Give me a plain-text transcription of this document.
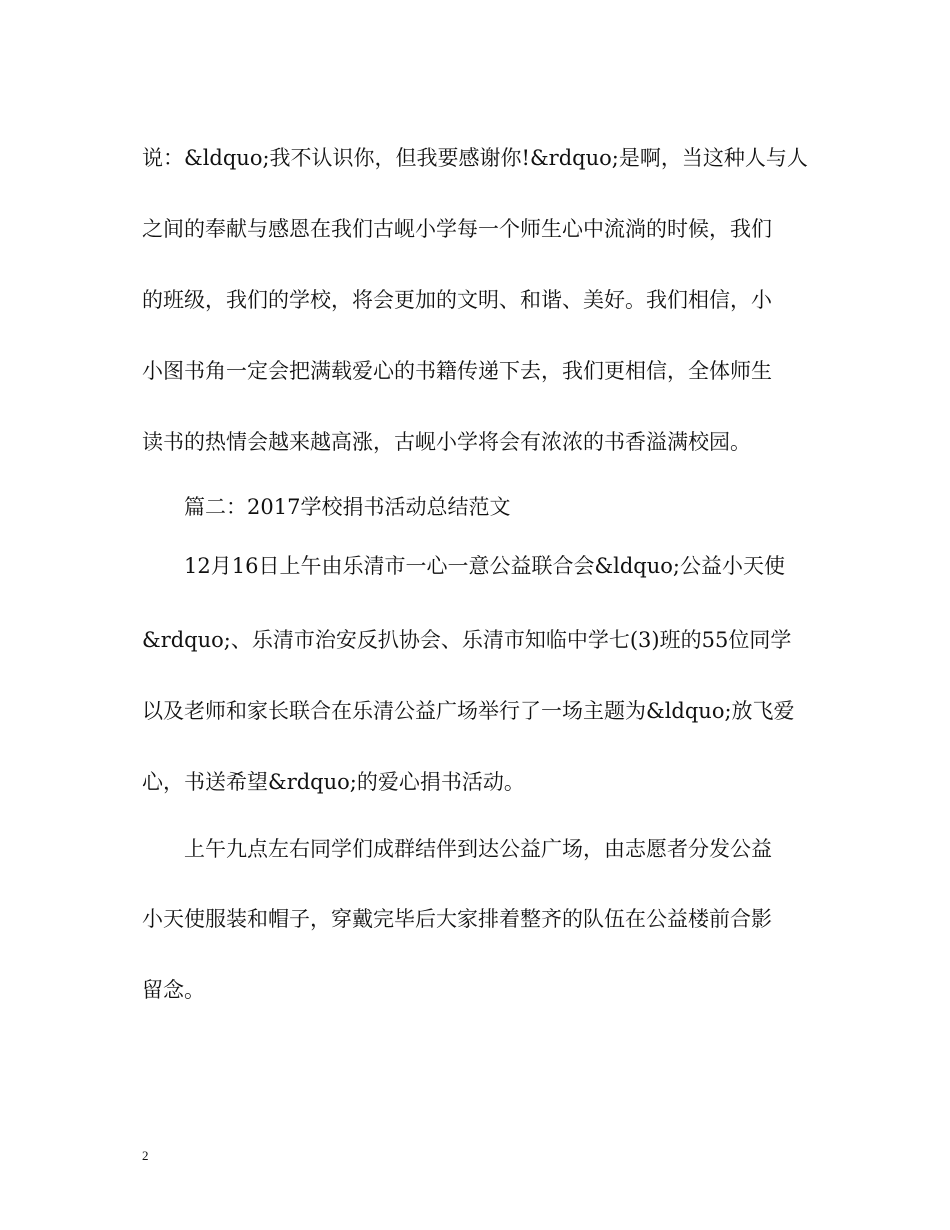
说：&ldquo;我不认识你，但我要感谢你!&rdquo;是啊，当这种人与人

之间的奉献与感恩在我们古岘小学每一个师生心中流淌的时候，我们

的班级，我们的学校，将会更加的文明、和谐、美好。我们相信，小

小图书角一定会把满载爱心的书籍传递下去，我们更相信，全体师生

读书的热情会越来越高涨，古岘小学将会有浓浓的书香溢满校园。

篇二：2017学校捐书活动总结范文

12月16日上午由乐清市一心一意公益联合会&ldquo;公益小天使

&rdquo;、乐清市治安反扒协会、乐清市知临中学七(3)班的55位同学

以及老师和家长联合在乐清公益广场举行了一场主题为&ldquo;放飞爱

心，书送希望&rdquo;的爱心捐书活动。

上午九点左右同学们成群结伴到达公益广场，由志愿者分发公益

小天使服装和帽子，穿戴完毕后大家排着整齐的队伍在公益楼前合影

留念。

2
